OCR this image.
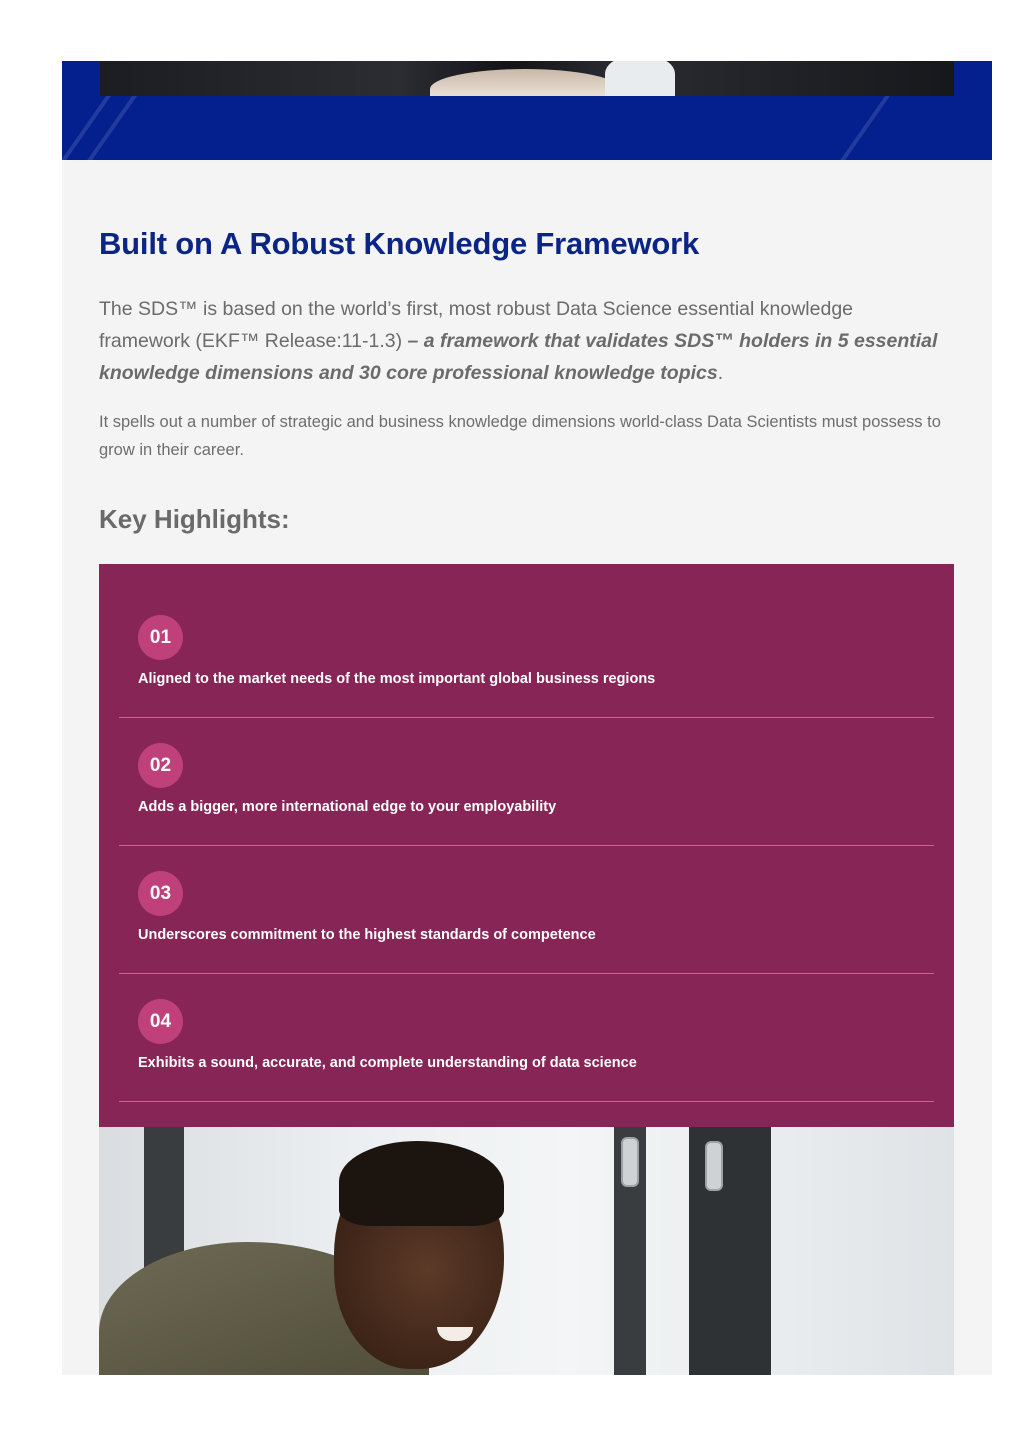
Built on A Robust Knowledge Framework

The SDS™ is based on the world’s first, most robust Data Science essential knowledge framework (EKF™ Release:11-1.3) – a framework that validates SDS™ holders in 5 essential knowledge dimensions and 30 core professional knowledge topics.

It spells out a number of strategic and business knowledge dimensions world-class Data Scientists must possess to grow in their career.

Key Highlights:
01
Aligned to the market needs of the most important global business regions
02
Adds a bigger, more international edge to your employability
03
Underscores commitment to the highest standards of competence
04
Exhibits a sound, accurate, and complete understanding of data science
